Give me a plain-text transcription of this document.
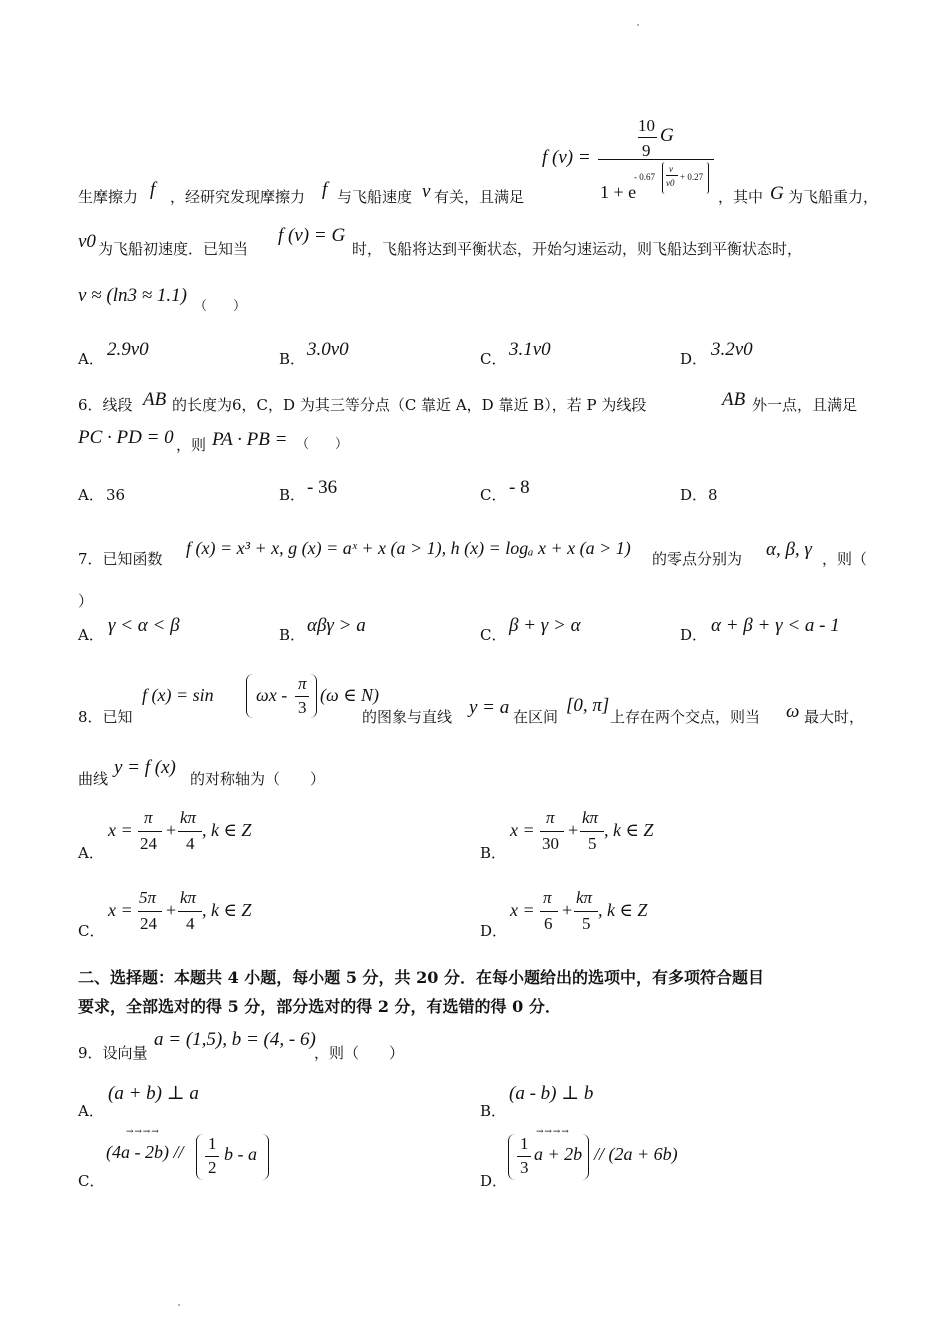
f (v) =
10
9
G
1 + e
- 0.67
v
v0
+ 0.27
生摩擦力 f ，经研究发现摩擦力 f 与飞船速度 v 有关，且满足	，其中 G 为飞船重力，
v0 为飞船初速度．已知当
f (v) = G
时，飞船将达到平衡状态，开始匀速运动，则飞船达到平衡状态时，
v ≈ (ln3 ≈ 1.1)
（　　）
A． 2.9v0	B． 3.0v0	C． 3.1v0	D． 3.2v0
6．线段 AB 的长度为6，C，D 为其三等分点（C 靠近 A，D 靠近 B），若 P 为线段	AB 外一点，且满足
PC · PD = 0 ，则 PA · PB = （　　）
A． 36	B． - 36	C． - 8	D． 8
7．已知函数
f (x) = x³ + x, g (x) = aˣ + x (a > 1), h (x) = logₐ x + x (a > 1)
的零点分别为 α, β, γ ，则（
）
A． γ < α < β	B． αβγ > a	C． β + γ > α	D． α + β + γ < a - 1
8．已知
f (x) = sin ωx -
π
3
(ω ∈ N)
的图象与直线 y = a 在区间
[0, π]
上存在两个交点，则当 ω 最大时，
曲线
y = f (x)
的对称轴为（　　）
A．
x =
π
24
+
kπ
4
, k ∈ Z
B．
x =
π
30
+
kπ
5
, k ∈ Z
C．
x =
5π
24
+
kπ
4
, k ∈ Z
D．
x =
π
6
+
kπ
5
, k ∈ Z
二、选择题：本题共 4 小题，每小题 5 分，共 20 分．在每小题给出的选项中，有多项符合题目
要求，全部选对的得 5 分，部分选对的得 2 分，有选错的得 0 分．
9．设向量
a = (1,5), b = (4, - 6)
，则（　　）
A．
(a + b) ⊥ a
B．
(a - b) ⊥ b
C．
→ → → →
(4a - 2b) // 1
2
b - a
D．
→ → → →
1
3
a + 2b // (2a + 6b)
